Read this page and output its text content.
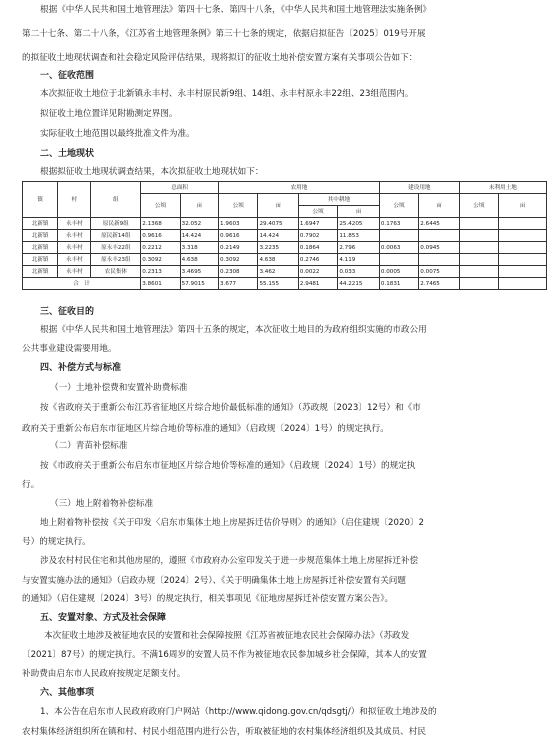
根据《中华人民共和国土地管理法》第四十七条、第四十八条，《中华人民共和国土地管理法实施条例》

第二十七条、第二十八条，《江苏省土地管理条例》第三十七条的规定，依据启拟征告〔2025〕019号开展

的拟征收土地现状调查和社会稳定风险评估结果，现将拟订的征收土地补偿安置方案有关事项公告如下：

一、征收范围

本次拟征收土地位于北新镇永丰村、永丰村原民新9组、14组、永丰村原永丰22组、23组范围内。

拟征收土地位置详见附勘测定界图。

实际征收土地范围以最终批准文件为准。

二、土地现状

根据拟征收土地现状调查结果，本次拟征收土地现状如下：

镇	村	组	总面积		农用地				建设用地		未利用土地	
			公顷	亩	公顷	亩	其中耕地		公顷	亩	公顷	亩
							公顷	亩				
北新镇	永丰村	原民新9组	2.1368	32.052	1.9603	29.4075	1.6947	25.4205	0.1763	2.6445		
北新镇	永丰村	原民新14组	0.9616	14.424	0.9616	14.424	0.7902	11.853				
北新镇	永丰村	原永丰22组	0.2212	3.318	0.2149	3.2235	0.1864	2.796	0.0063	0.0945		
北新镇	永丰村	原永丰23组	0.3092	4.638	0.3092	4.638	0.2746	4.119				
北新镇	永丰村	农民集体	0.2313	3.4695	0.2308	3.462	0.0022	0.033	0.0005	0.0075		
合　计			3.8601	57.9015	3.677	55.155	2.9481	44.2215	0.1831	2.7465		

三、征收目的

根据《中华人民共和国土地管理法》第四十五条的规定，本次征收土地目的为政府组织实施的市政公用

公共事业建设需要用地。

四、补偿方式与标准

（一）土地补偿费和安置补助费标准

按《省政府关于重新公布江苏省征地区片综合地价最低标准的通知》（苏政规〔2023〕12号）和《市

政府关于重新公布启东市征地区片综合地价等标准的通知》（启政规〔2024〕1号）的规定执行。

（二）青苗补偿标准

按《市政府关于重新公布启东市征地区片综合地价等标准的通知》（启政规〔2024〕1号）的规定执

行。

（三）地上附着物补偿标准

地上附着物补偿按《关于印发〈启东市集体土地上房屋拆迁估价导则〉的通知》（启住建规〔2020〕2

号）的规定执行。

涉及农村村民住宅和其他房屋的，遵照《市政府办公室印发关于进一步规范集体土地上房屋拆迁补偿

与安置实施办法的通知》（启政办规〔2024〕2号）、《关于明确集体土地上房屋拆迁补偿安置有关问题

的通知》（启住建规〔2024〕3号）的规定执行，相关事项见《征地房屋拆迁补偿安置方案公告》。

五、安置对象、方式及社会保障

本次征收土地涉及被征地农民的安置和社会保障按照《江苏省被征地农民社会保障办法》（苏政发

〔2021〕87号）的规定执行。不满16周岁的安置人员不作为被征地农民参加城乡社会保障，其本人的安置

补助费由启东市人民政府按规定足额支付。

六、其他事项

1、本公告在启东市人民政府政府门户网站（http://www.qidong.gov.cn/qdsgtj/）和拟征收土地涉及的

农村集体经济组织所在镇和村、村民小组范围内进行公告，听取被征地的农村集体经济组织及其成员、村民
